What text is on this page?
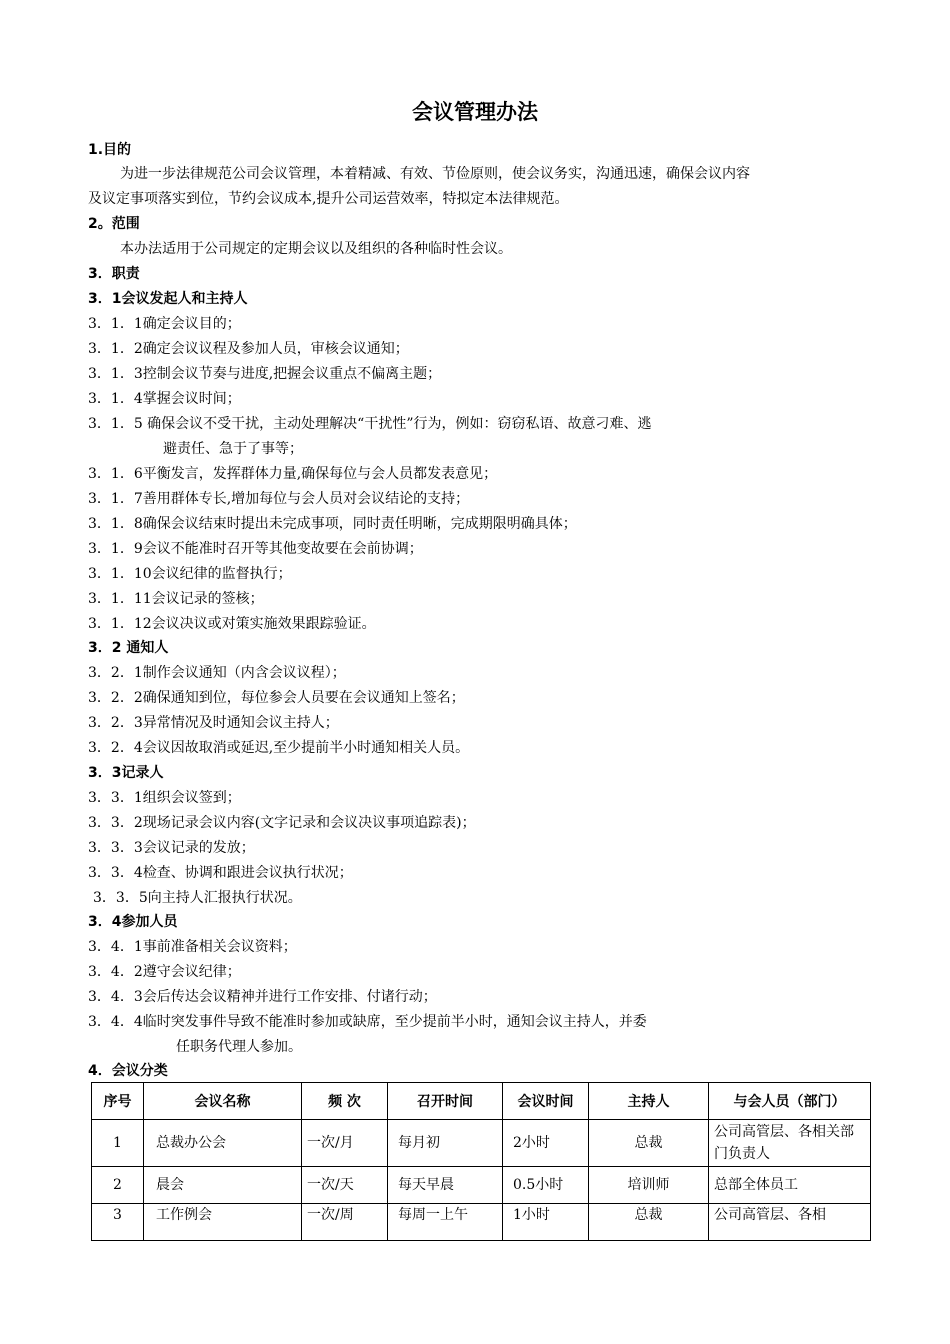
会议管理办法
1.目的
为进一步法律规范公司会议管理，本着精减、有效、节俭原则，使会议务实，沟通迅速，确保会议内容
及议定事项落实到位，节约会议成本,提升公司运营效率，特拟定本法律规范。
2。范围
本办法适用于公司规定的定期会议以及组织的各种临时性会议。
3．职责
3．1会议发起人和主持人
3．1．1确定会议目的；
3．1．2确定会议议程及参加人员，审核会议通知；
3．1．3控制会议节奏与进度,把握会议重点不偏离主题；
3．1．4掌握会议时间；
3．1．5 确保会议不受干扰，主动处理解决“干扰性”行为，例如：窃窃私语、故意刁难、逃
避责任、急于了事等；
3．1．6平衡发言，发挥群体力量,确保每位与会人员都发表意见；
3．1．7善用群体专长,增加每位与会人员对会议结论的支持；
3．1．8确保会议结束时提出未完成事项，同时责任明晰，完成期限明确具体；
3．1．9会议不能准时召开等其他变故要在会前协调；
3．1．10会议纪律的监督执行；
3．1．11会议记录的签核；
3．1．12会议决议或对策实施效果跟踪验证。
3．2 通知人
3．2．1制作会议通知（内含会议议程）；
3．2．2确保通知到位，每位参会人员要在会议通知上签名；
3．2．3异常情况及时通知会议主持人；
3．2．4会议因故取消或延迟,至少提前半小时通知相关人员。
3．3记录人
3．3．1组织会议签到；
3．3．2现场记录会议内容(文字记录和会议决议事项追踪表)；
3．3．3会议记录的发放；
3．3．4检查、协调和跟进会议执行状况；
3．3．5向主持人汇报执行状况。
3．4参加人员
3．4．1事前准备相关会议资料；
3．4．2遵守会议纪律；
3．4．3会后传达会议精神并进行工作安排、付诸行动；
3．4．4临时突发事件导致不能准时参加或缺席，至少提前半小时，通知会议主持人，并委
任职务代理人参加。
4．会议分类
序号	会议名称	频 次	召开时间	会议时间	主持人	与会人员（部门）
1	总裁办公会	一次/月	每月初	2小时	总裁	公司高管层、各相关部门负责人
2	晨会	一次/天	每天早晨	0.5小时	培训师	总部全体员工
3	工作例会	一次/周	每周一上午	1小时	总裁	公司高管层、各相
